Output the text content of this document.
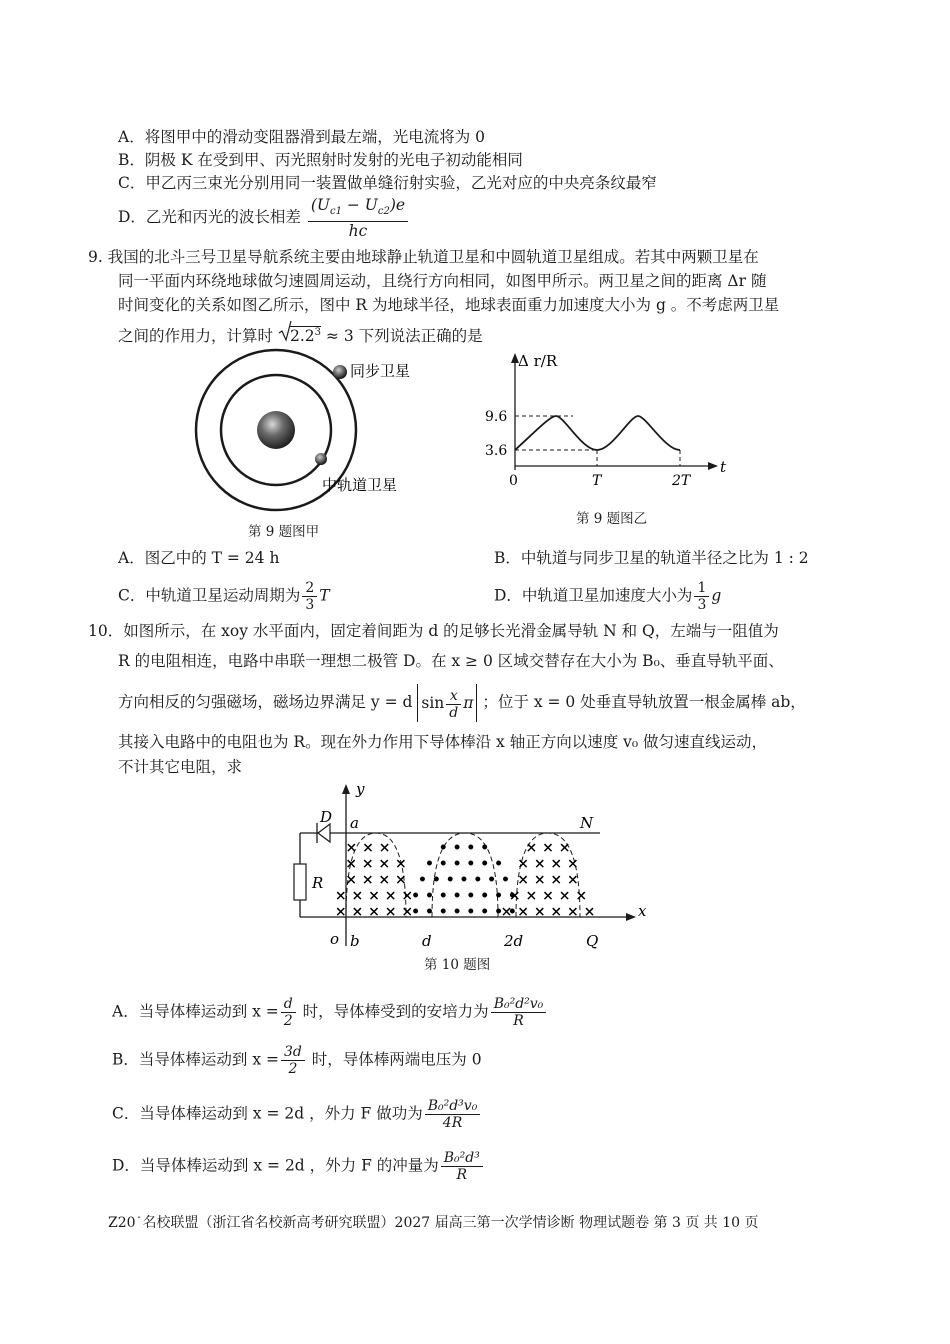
A．将图甲中的滑动变阻器滑到最左端，光电流将为 0
B．阴极 K 在受到甲、丙光照射时发射的光电子初动能相同
C．甲乙丙三束光分别用同一装置做单缝衍射实验，乙光对应的中央亮条纹最窄
D．乙光和丙光的波长相差 $\frac{(U_{c1} - U_{c2})e}{hc}$
9. 我国的北斗三号卫星导航系统主要由地球静止轨道卫星和中圆轨道卫星组成。若其中两颗卫星在
同一平面内环绕地球做匀速圆周运动，且绕行方向相同，如图甲所示。两卫星之间的距离 Δr 随
时间变化的关系如图乙所示，图中 R 为地球半径，地球表面重力加速度大小为 g 。不考虑两卫星
之间的作用力，计算时 $2.2^3 \approx 3$ 下列说法正确的是
同步卫星
中轨道卫星
第 9 题图甲
Δ r/R
9.6
3.6
0	T	2T
t
第 9 题图乙
A．图乙中的 T = 24 h	B．中轨道与同步卫星的轨道半径之比为 1 : 2
C．中轨道卫星运动周期为 $\frac{2}{3}$ T	D．中轨道卫星加速度大小为 $\frac{1}{3}$ g
10．如图所示，在 xoy 水平面内，固定着间距为 d 的足够长光滑金属导轨 N 和 Q，左端与一阻值为
R 的电阻相连，电路中串联一理想二极管 D。在 x ≥ 0 区域交替存在大小为 B₀、垂直导轨平面、
方向相反的匀强磁场，磁场边界满足 y = d $\sin \frac{x}{d}$ π ；位于 x = 0 处垂直导轨放置一根金属棒 ab，
其接入电路中的电阻也为 R。现在外力作用下导体棒沿 x 轴正方向以速度 v₀ 做匀速直线运动，
不计其它电阻，求
× × ×
× × × ×
× × × ×
× × × × ×
× × × × ×
• • • •
• • • • • •
• • • • • • •
• • • • • • • •
• • • • • • • •
× × ×
× × × ×
× × × ×
× × × × ×
× × × × × ×
y
x
D a	N
R
o b	d	2d	Q
第 10 题图
A．当导体棒运动到 $x = \frac{d}{2}$ 时，导体棒受到的安培力为 $\frac{\text{B₀²d²v₀}}{R}$
B．当导体棒运动到 $x = \frac{3d}{2}$ 时，导体棒两端电压为 0
C．当导体棒运动到 x = 2d ，外力 F 做功为 $\frac{\text{B₀²d³v₀}}{4R}$
D．当导体棒运动到 x = 2d ，外力 F 的冲量为 $\frac{\text{B₀²d³}}{R}$
Z20˙名校联盟（浙江省名校新高考研究联盟）2027 届高三第一次学情诊断 物理试题卷 第 3 页 共 10 页
